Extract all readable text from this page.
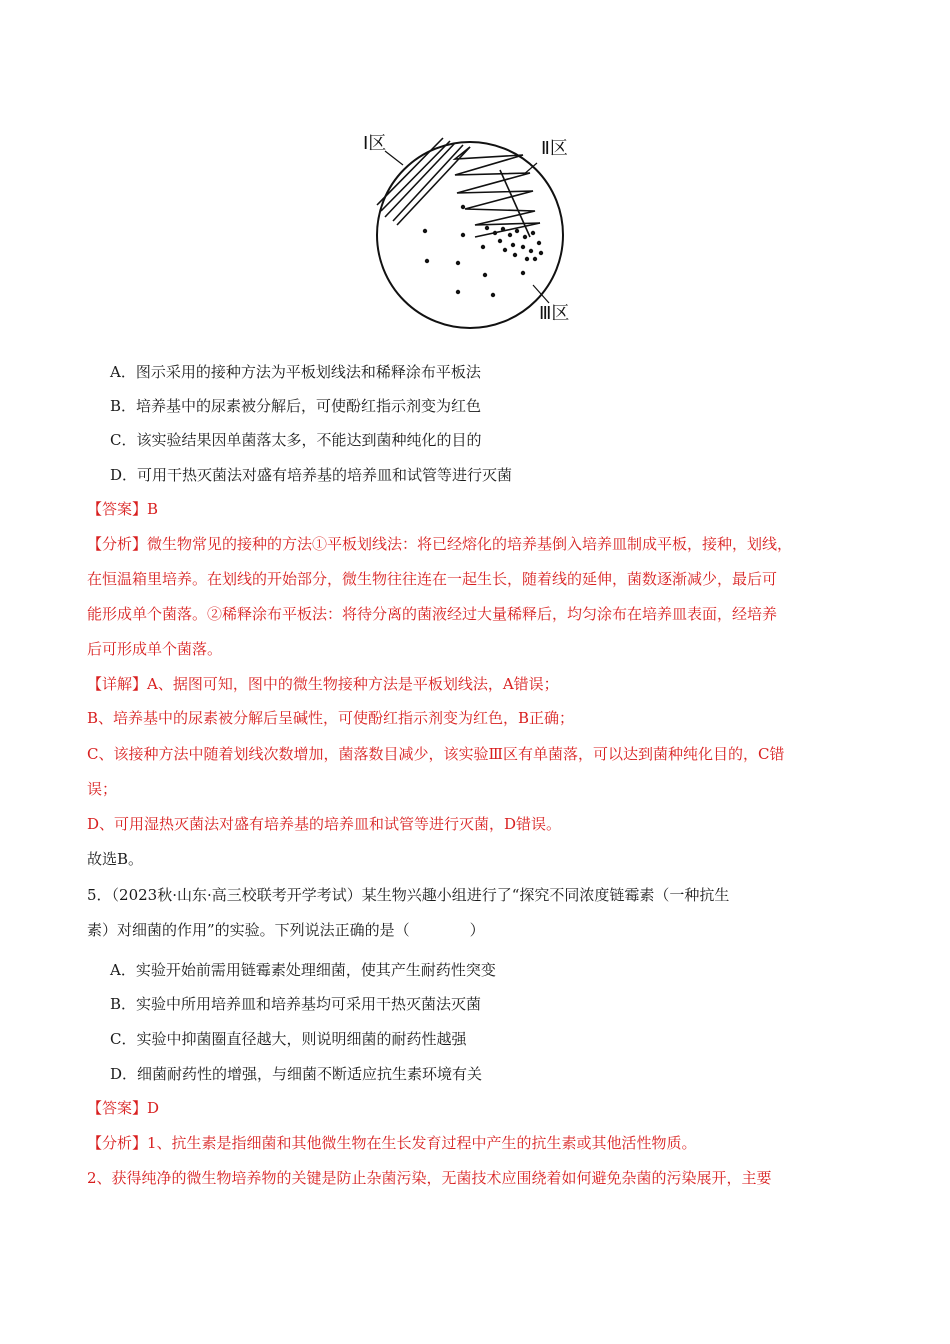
Ⅰ区	Ⅱ区
Ⅲ区
A．图示采用的接种方法为平板划线法和稀释涂布平板法
B．培养基中的尿素被分解后，可使酚红指示剂变为红色
C．该实验结果因单菌落太多，不能达到菌种纯化的目的
D．可用干热灭菌法对盛有培养基的培养皿和试管等进行灭菌
【答案】B
【分析】微生物常见的接种的方法①平板划线法：将已经熔化的培养基倒入培养皿制成平板，接种，划线，
在恒温箱里培养。在划线的开始部分，微生物往往连在一起生长，随着线的延伸，菌数逐渐减少，最后可
能形成单个菌落。②稀释涂布平板法：将待分离的菌液经过大量稀释后，均匀涂布在培养皿表面，经培养
后可形成单个菌落。
【详解】A、据图可知，图中的微生物接种方法是平板划线法，A错误；
B、培养基中的尿素被分解后呈碱性，可使酚红指示剂变为红色，B正确；
C、该接种方法中随着划线次数增加，菌落数目减少，该实验Ⅲ区有单菌落，可以达到菌种纯化目的，C错
误；
D、可用湿热灭菌法对盛有培养基的培养皿和试管等进行灭菌，D错误。
故选B。
5．（2023秋·山东·高三校联考开学考试）某生物兴趣小组进行了“探究不同浓度链霉素（一种抗生
素）对细菌的作用”的实验。下列说法正确的是（　　　　）
A．实验开始前需用链霉素处理细菌，使其产生耐药性突变
B．实验中所用培养皿和培养基均可采用干热灭菌法灭菌
C．实验中抑菌圈直径越大，则说明细菌的耐药性越强
D．细菌耐药性的增强，与细菌不断适应抗生素环境有关
【答案】D
【分析】1、抗生素是指细菌和其他微生物在生长发育过程中产生的抗生素或其他活性物质。
2、获得纯净的微生物培养物的关键是防止杂菌污染，无菌技术应围绕着如何避免杂菌的污染展开，主要
